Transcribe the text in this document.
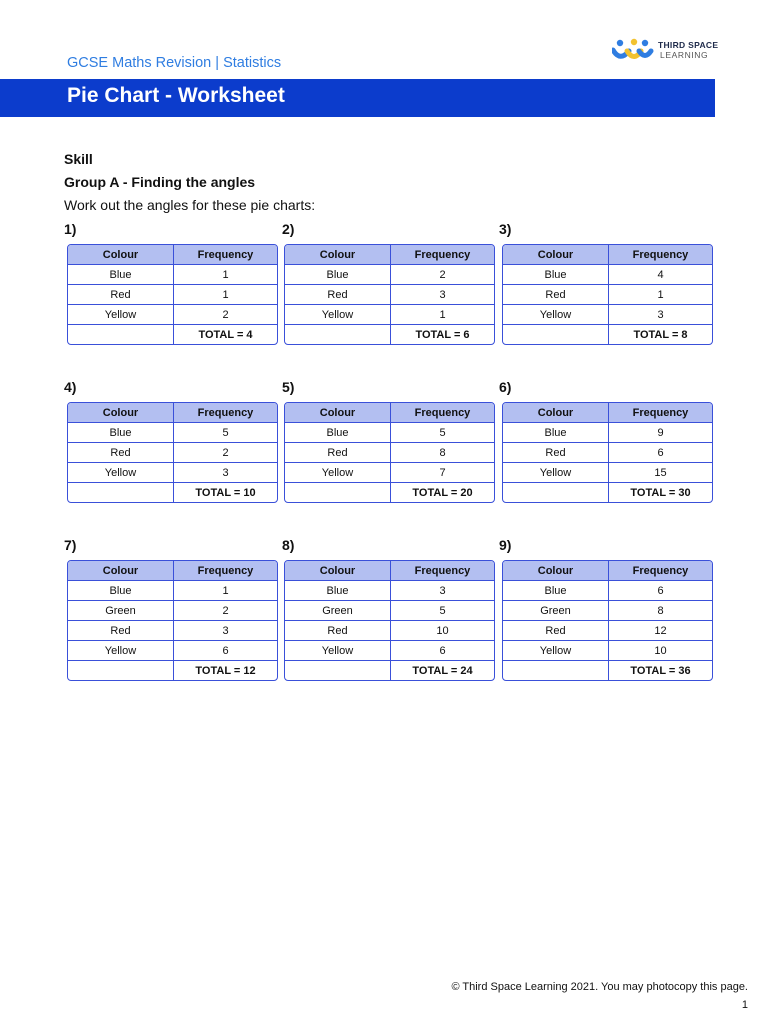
GCSE Maths Revision | Statistics
THIRD SPACE
LEARNING
Pie Chart - Worksheet
Skill
Group A - Finding the angles
Work out the angles for these pie charts:
1)	2)	3)
Colour	Frequency
Blue	1
Red	1
Yellow	2
	TOTAL = 4
Colour	Frequency
Blue	2
Red	3
Yellow	1
	TOTAL = 6
Colour	Frequency
Blue	4
Red	1
Yellow	3
	TOTAL = 8
4)	5)	6)
Colour	Frequency
Blue	5
Red	2
Yellow	3
	TOTAL = 10
Colour	Frequency
Blue	5
Red	8
Yellow	7
	TOTAL = 20
Colour	Frequency
Blue	9
Red	6
Yellow	15
	TOTAL = 30
7)	8)	9)
Colour	Frequency
Blue	1
Green	2
Red	3
Yellow	6
	TOTAL = 12
Colour	Frequency
Blue	3
Green	5
Red	10
Yellow	6
	TOTAL = 24
Colour	Frequency
Blue	6
Green	8
Red	12
Yellow	10
	TOTAL = 36
© Third Space Learning 2021. You may photocopy this page.
1
